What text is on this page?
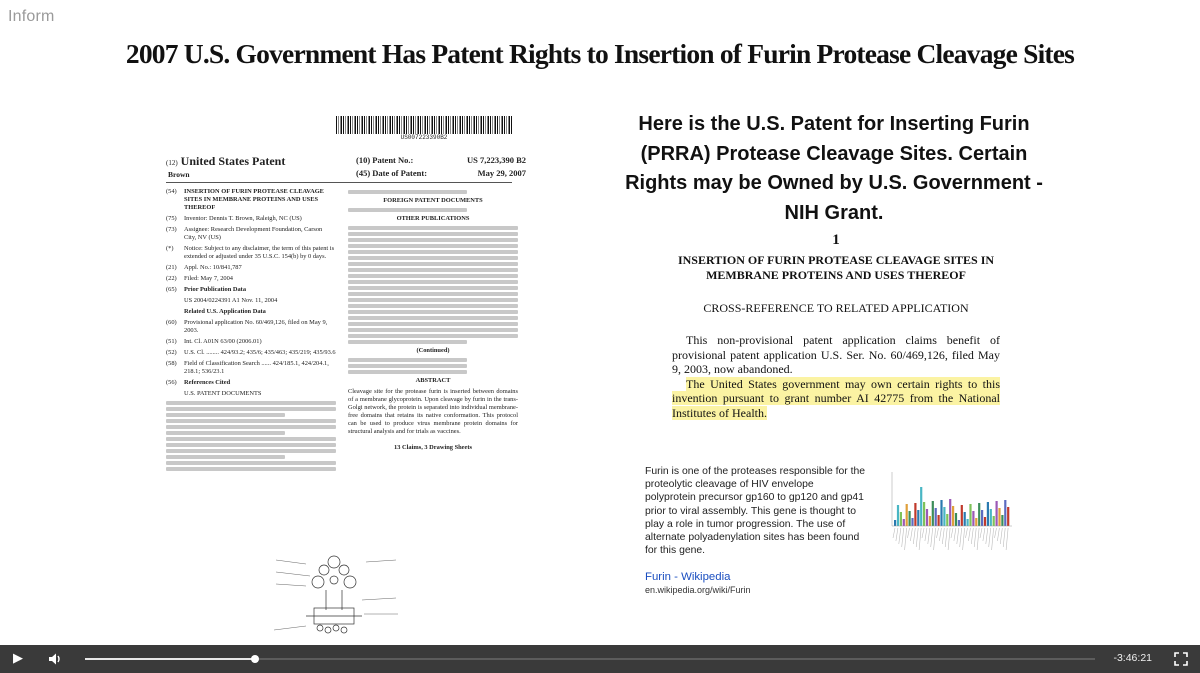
Inform
2007 U.S. Government Has Patent Rights to Insertion of Furin Protease Cleavage Sites
US007223390B2
(12) United States Patent
Brown
(10) Patent No.:	US 7,223,390 B2
(45) Date of Patent:	May 29, 2007
(54)	INSERTION OF FURIN PROTEASE CLEAVAGE SITES IN MEMBRANE PROTEINS AND USES THEREOF
(75)	Inventor: Dennis T. Brown, Raleigh, NC (US)
(73)	Assignee: Research Development Foundation, Carson City, NV (US)
(*)	Notice: Subject to any disclaimer, the term of this patent is extended or adjusted under 35 U.S.C. 154(b) by 0 days.
(21)	Appl. No.: 10/841,787
(22)	Filed: May 7, 2004
(65)	Prior Publication Data
US 2004/0224391 A1 Nov. 11, 2004
Related U.S. Application Data
(60)	Provisional application No. 60/469,126, filed on May 9, 2003.
(51)	Int. Cl. A01N 63/00 (2006.01)
(52)	U.S. Cl. ........ 424/93.2; 435/6; 435/463; 435/219; 435/93.6
(58)	Field of Classification Search ...... 424/185.1, 424/204.1, 218.1; 536/23.1
(56)	References Cited
U.S. PATENT DOCUMENTS
FOREIGN PATENT DOCUMENTS
OTHER PUBLICATIONS
(Continued)
ABSTRACT
Cleavage site for the protease furin is inserted between domains of a membrane glycoprotein. Upon cleavage by furin in the trans-Golgi network, the protein is separated into individual membrane-free domains that retains its native conformation. This protocol can be used to produce virus membrane protein domains for structural analysis and for trials as vaccines.
13 Claims, 3 Drawing Sheets
Here is the U.S. Patent for Inserting Furin (PRRA) Protease Cleavage Sites. Certain Rights may be Owned by U.S. Government - NIH Grant.
1
INSERTION OF FURIN PROTEASE CLEAVAGE SITES IN MEMBRANE PROTEINS AND USES THEREOF
CROSS-REFERENCE TO RELATED APPLICATION
This non-provisional patent application claims benefit of provisional patent application U.S. Ser. No. 60/469,126, filed May 9, 2003, now abandoned.
The United States government may own certain rights to this invention pursuant to grant number AI 42775 from the National Institutes of Health.
Furin is one of the proteases responsible for the proteolytic cleavage of HIV envelope polyprotein precursor gp160 to gp120 and gp41 prior to viral assembly. This gene is thought to play a role in tumor progression. The use of alternate polyadenylation sites has been found for this gene.
Furin - Wikipedia
en.wikipedia.org/wiki/Furin
▶	-3:46:21
